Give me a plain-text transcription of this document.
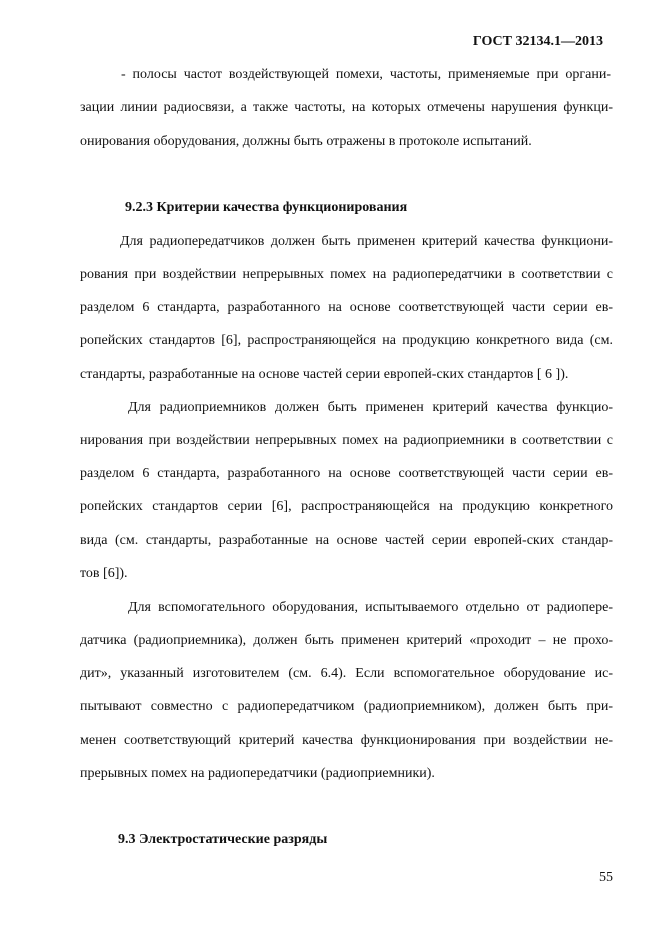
ГОСТ 32134.1—2013
- полосы частот воздействующей помехи, частоты, применяемые при органи-
зации линии радиосвязи, а также частоты, на которых отмечены нарушения функци-
онирования оборудования, должны быть отражены в протоколе испытаний.
9.2.3 Критерии качества функционирования
Для радиопередатчиков должен быть применен критерий качества функциони-
рования при воздействии непрерывных помех на радиопередатчики в соответствии с
разделом 6 стандарта, разработанного на основе соответствующей части серии ев-
ропейских стандартов [6], распространяющейся на продукцию конкретного вида (см.
стандарты, разработанные на основе частей серии европей-ских стандартов [ 6 ]).
Для радиоприемников должен быть применен критерий качества функцио-
нирования при воздействии непрерывных помех на радиоприемники в соответствии с
разделом 6 стандарта, разработанного на основе соответствующей части серии ев-
ропейских стандартов серии [6], распространяющейся на продукцию конкретного
вида (см. стандарты, разработанные на основе частей серии европей-ских стандар-
тов [6]).
Для вспомогательного оборудования, испытываемого отдельно от радиопере-
датчика (радиоприемника), должен быть применен критерий «проходит – не прохо-
дит», указанный изготовителем (см. 6.4). Если вспомогательное оборудование ис-
пытывают совместно с радиопередатчиком (радиоприемником), должен быть при-
менен соответствующий критерий качества функционирования при воздействии не-
прерывных помех на радиопередатчики (радиоприемники).
9.3 Электростатические разряды
55
